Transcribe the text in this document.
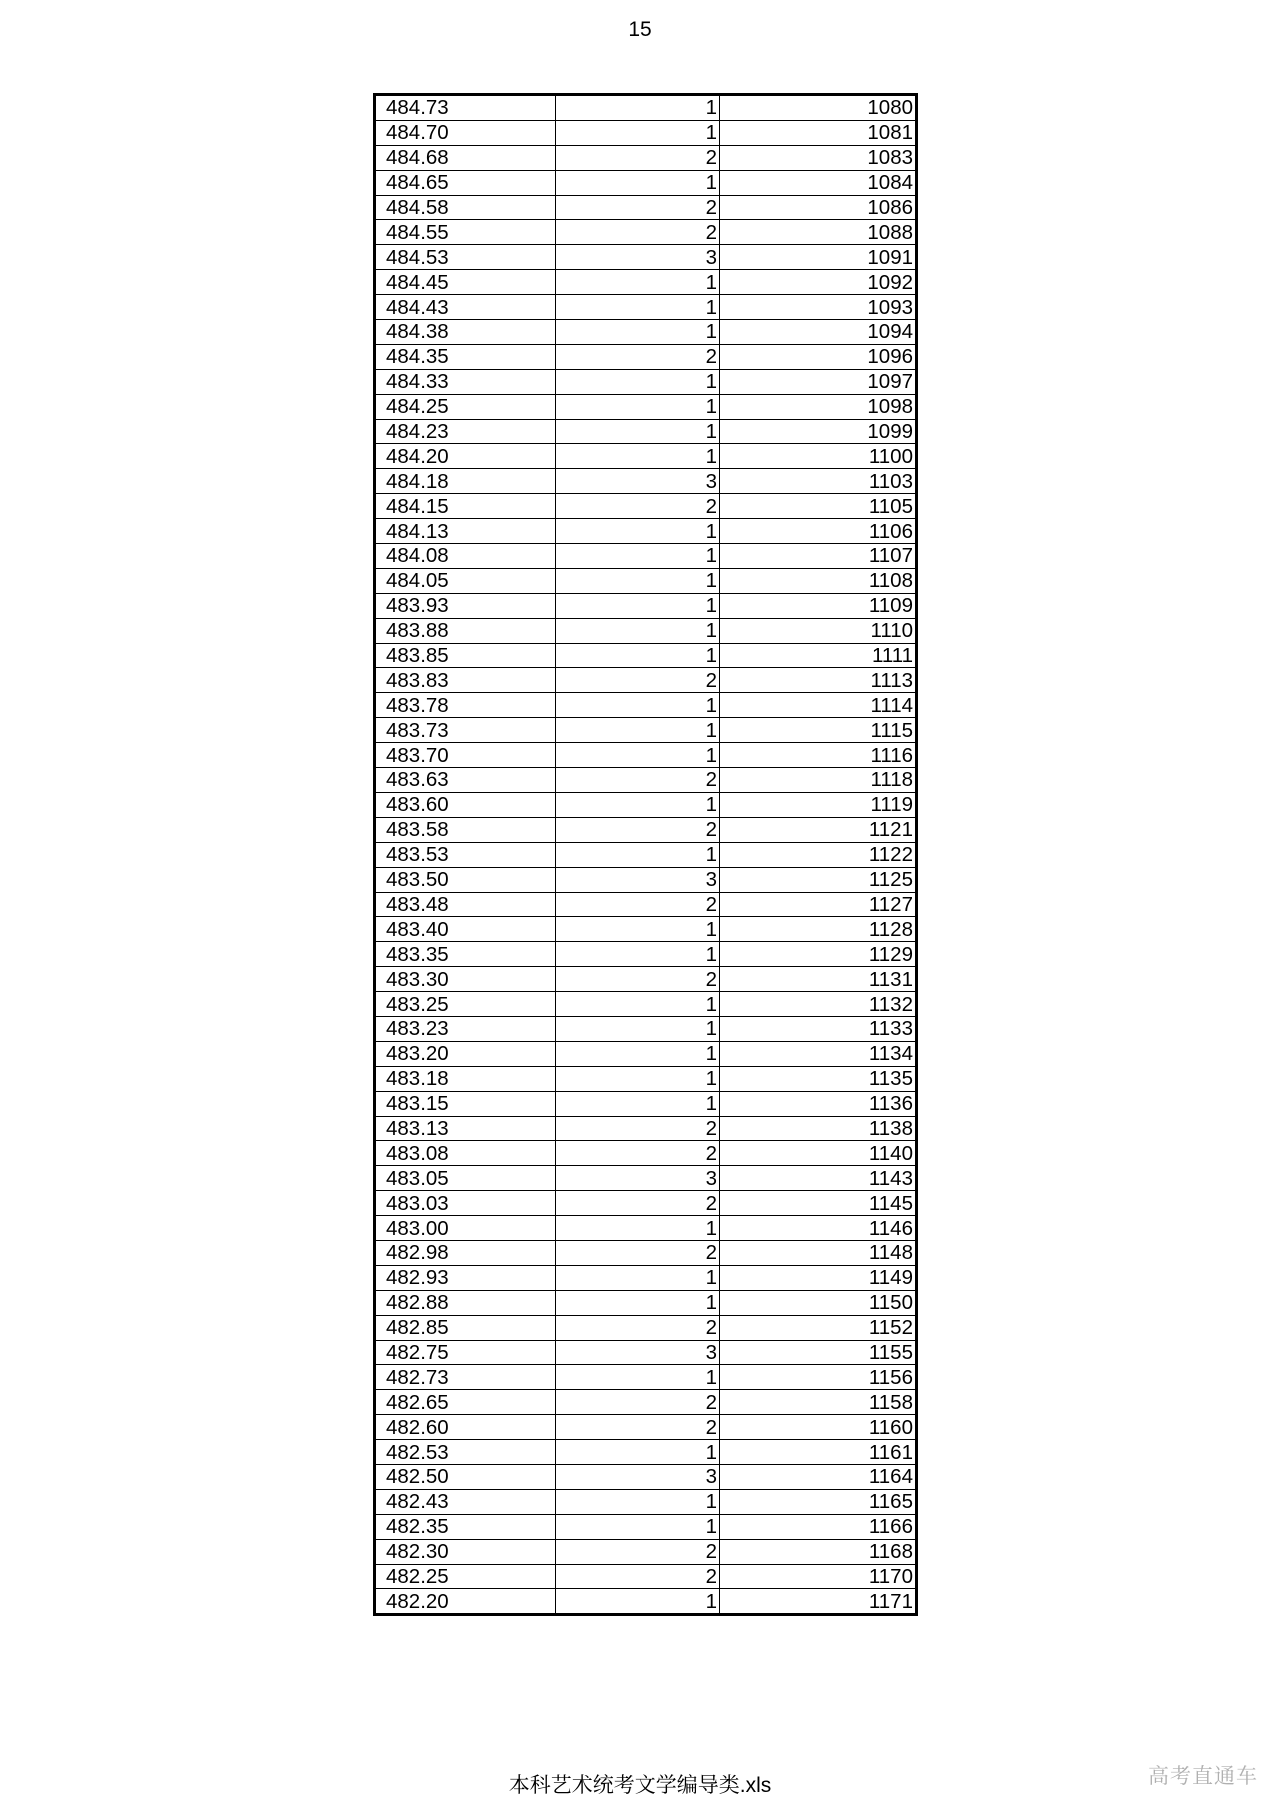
15
484.73	1	1080
484.70	1	1081
484.68	2	1083
484.65	1	1084
484.58	2	1086
484.55	2	1088
484.53	3	1091
484.45	1	1092
484.43	1	1093
484.38	1	1094
484.35	2	1096
484.33	1	1097
484.25	1	1098
484.23	1	1099
484.20	1	1100
484.18	3	1103
484.15	2	1105
484.13	1	1106
484.08	1	1107
484.05	1	1108
483.93	1	1109
483.88	1	1110
483.85	1	1111
483.83	2	1113
483.78	1	1114
483.73	1	1115
483.70	1	1116
483.63	2	1118
483.60	1	1119
483.58	2	1121
483.53	1	1122
483.50	3	1125
483.48	2	1127
483.40	1	1128
483.35	1	1129
483.30	2	1131
483.25	1	1132
483.23	1	1133
483.20	1	1134
483.18	1	1135
483.15	1	1136
483.13	2	1138
483.08	2	1140
483.05	3	1143
483.03	2	1145
483.00	1	1146
482.98	2	1148
482.93	1	1149
482.88	1	1150
482.85	2	1152
482.75	3	1155
482.73	1	1156
482.65	2	1158
482.60	2	1160
482.53	1	1161
482.50	3	1164
482.43	1	1165
482.35	1	1166
482.30	2	1168
482.25	2	1170
482.20	1	1171
本科艺术统考文学编导类.xls	高考直通车
